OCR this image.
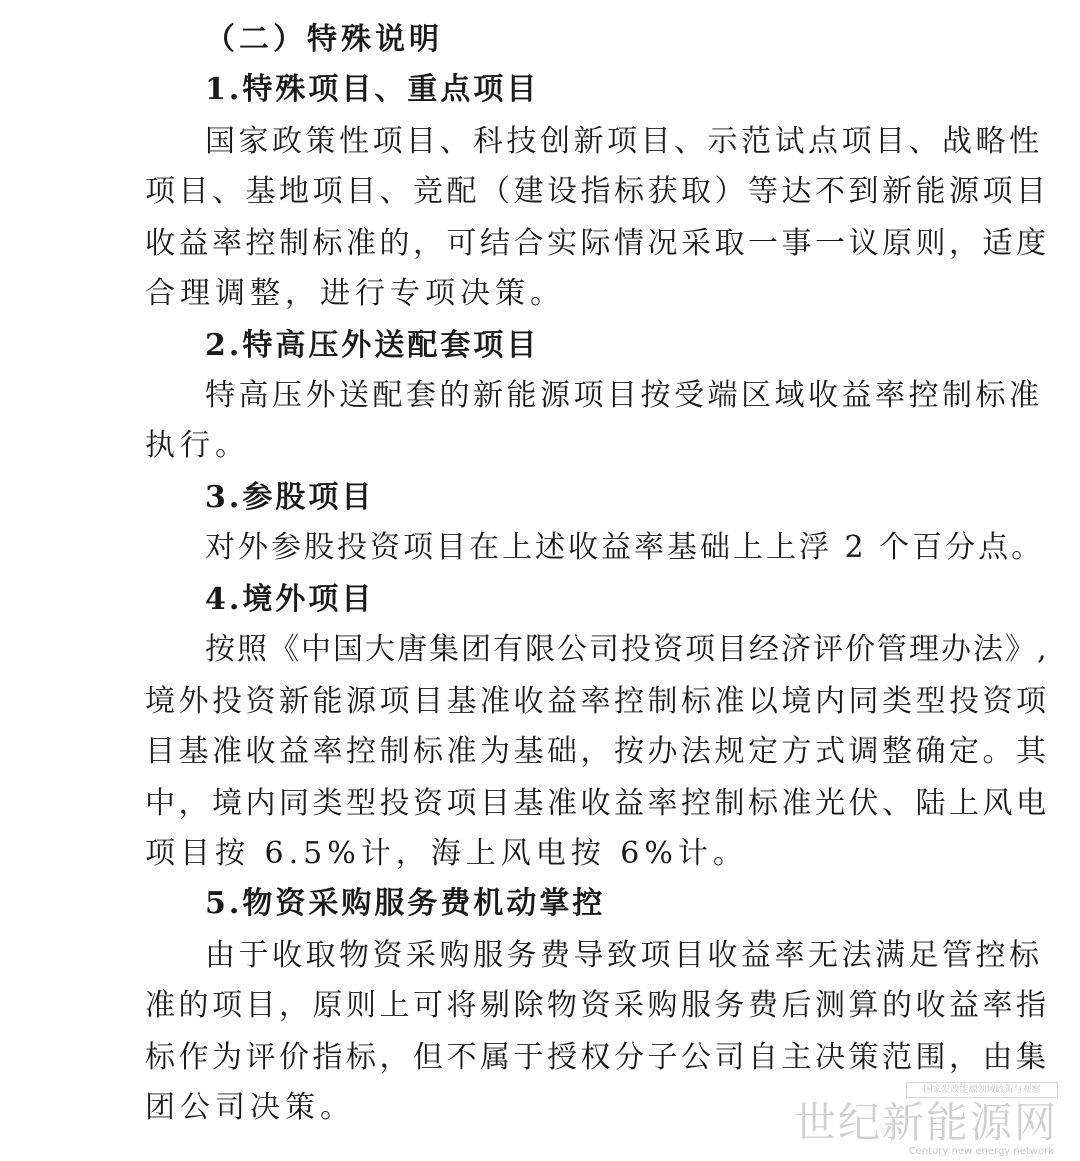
（二）特殊说明
1.特殊项目、重点项目
国家政策性项目、科技创新项目、示范试点项目、战略性
项目、基地项目、竞配（建设指标获取）等达不到新能源项目
收益率控制标准的，可结合实际情况采取一事一议原则，适度
合理调整，进行专项决策。
2.特高压外送配套项目
特高压外送配套的新能源项目按受端区域收益率控制标准
执行。
3.参股项目
对外参股投资项目在上述收益率基础上上浮 2 个百分点。
4.境外项目
按照《中国大唐集团有限公司投资项目经济评价管理办法》,
境外投资新能源项目基准收益率控制标准以境内同类型投资项
目基准收益率控制标准为基础，按办法规定方式调整确定。其
中，境内同类型投资项目基准收益率控制标准光伏、陆上风电
项目按 6.5%计，海上风电按 6%计。
5.物资采购服务费机动掌控
由于收取物资采购服务费导致项目收益率无法满足管控标
准的项目，原则上可将剔除物资采购服务费后测算的收益率指
标作为评价指标，但不属于授权分子公司自主决策范围，由集
团公司决策。	国家发改能源领域政策与观察
世纪新能源网
Century new energy network
